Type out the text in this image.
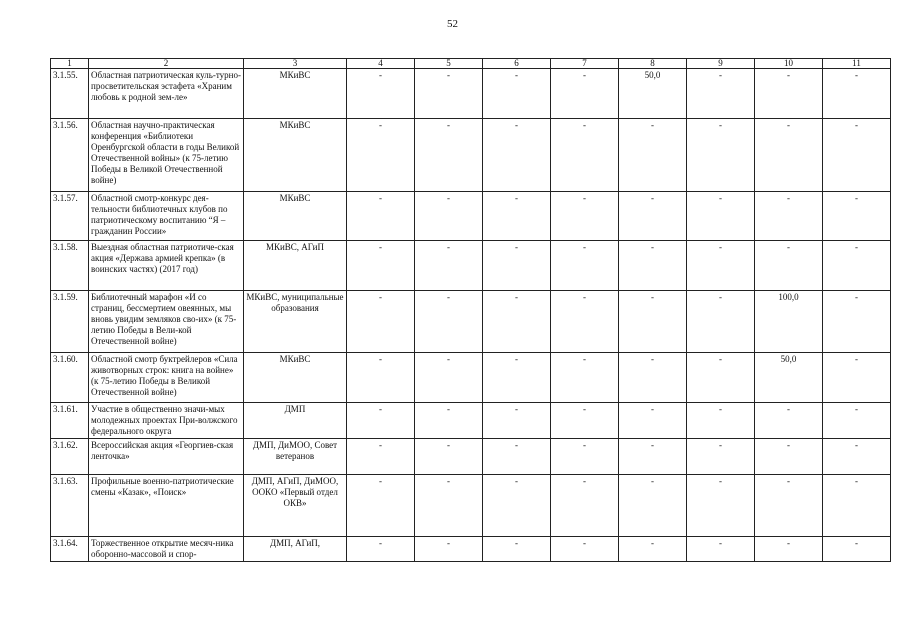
52
1	2	3	4	5	6	7	8	9	10	11
3.1.55.	Областная патриотическая куль-турно-просветительская эстафета «Храним любовь к родной зем-ле»	МКиВС	-	-	-	-	50,0	-	-	-
3.1.56.	Областная научно-практическая конференция «Библиотеки Оренбургской области в годы Великой Отечественной войны» (к 75-летию Победы в Великой Отечественной войне)	МКиВС	-	-	-	-	-	-	-	-
3.1.57.	Областной смотр-конкурс дея-тельности библиотечных клубов по патриотическому воспитанию “Я – гражданин России»	МКиВС	-	-	-	-	-	-	-	-
3.1.58.	Выездная областная патриотиче-ская акция «Держава армией крепка» (в воинских частях) (2017 год)	МКиВС, АГиП	-	-	-	-	-	-	-	-
3.1.59.	Библиотечный марафон «И со страниц, бессмертием овеянных, мы вновь увидим земляков сво-их» (к 75-летию Победы в Вели-кой Отечественной войне)	МКиВС, муниципальные образования	-	-	-	-	-	-	100,0	-
3.1.60.	Областной смотр буктрейлеров «Сила животворных строк: книга на войне» (к 75-летию Победы в Великой Отечественной войне)	МКиВС	-	-	-	-	-	-	50,0	-
3.1.61.	Участие в общественно значи-мых молодежных проектах При-волжского федерального округа	ДМП	-	-	-	-	-	-	-	-
3.1.62.	Всероссийская акция «Георгиев-ская ленточка»	ДМП, ДиМОО, Совет ветеранов	-	-	-	-	-	-	-	-
3.1.63.	Профильные военно-патриотические смены «Казак», «Поиск»	ДМП, АГиП, ДиМОО, ООКО «Первый отдел ОКВ»	-	-	-	-	-	-	-	-
3.1.64.	Торжественное открытие месяч-ника оборонно-массовой и спор-	ДМП, АГиП,	-	-	-	-	-	-	-	-
